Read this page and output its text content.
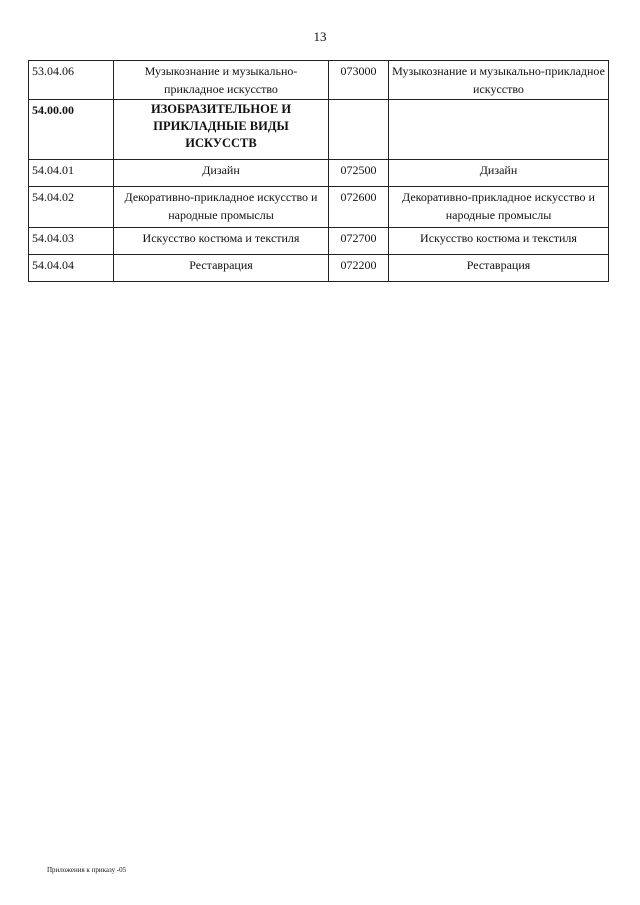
13
53.04.06	Музыкознание и музыкально-прикладное искусство	073000	Музыкознание и музыкально-прикладное искусство
54.00.00	ИЗОБРАЗИТЕЛЬНОЕ И ПРИКЛАДНЫЕ ВИДЫ ИСКУССТВ		
54.04.01	Дизайн	072500	Дизайн
54.04.02	Декоративно-прикладное искусство и народные промыслы	072600	Декоративно-прикладное искусство и народные промыслы
54.04.03	Искусство костюма и текстиля	072700	Искусство костюма и текстиля
54.04.04	Реставрация	072200	Реставрация
Приложения к приказу -05
